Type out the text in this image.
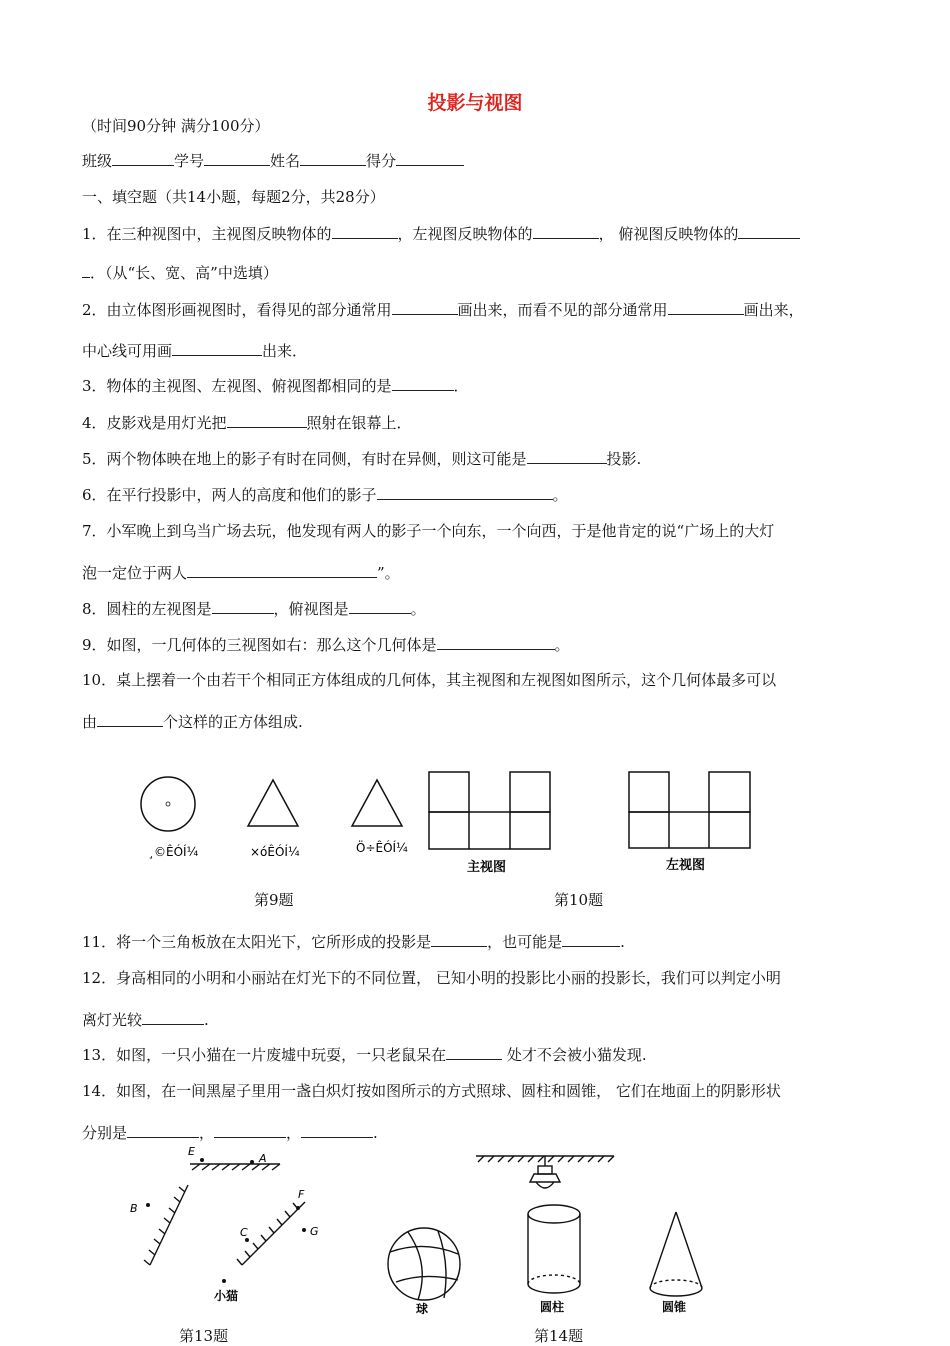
投影与视图
（时间90分钟 满分100分）
班级	学号	姓名	得分
一、填空题（共14小题，每题2分，共28分）
1．在三种视图中，主视图反映物体的	，左视图反映物体的	， 俯视图反映物体的
．（从“长、宽、高”中选填）
2．由立体图形画视图时，看得见的部分通常用	画出来，而看不见的部分通常用	画出来，
中心线可用画	出来．
3．物体的主视图、左视图、俯视图都相同的是	．
4．皮影戏是用灯光把	照射在银幕上．
5．两个物体映在地上的影子有时在同侧，有时在异侧，则这可能是	投影.
6．在平行投影中，两人的高度和他们的影子	。
7．小军晚上到乌当广场去玩，他发现有两人的影子一个向东，一个向西，于是他肯定的说“广场上的大灯
泡一定位于两人	”。
8．圆柱的左视图是	，俯视图是	。
9．如图，一几何体的三视图如右：那么这个几何体是	。
10．桌上摆着一个由若干个相同正方体组成的几何体，其主视图和左视图如图所示，这个几何体最多可以
由	个这样的正方体组成.
¸©ÊÓÍ¼	×óÊÓÍ¼	Ö÷ÊÓÍ¼
第9题
主视图	左视图
第10题
11．将一个三角板放在太阳光下，它所形成的投影是	，也可能是	.
12．身高相同的小明和小丽站在灯光下的不同位置， 已知小明的投影比小丽的投影长，我们可以判定小明
离灯光较	.
13．如图，一只小猫在一片废墟中玩耍，一只老鼠呆在	处才不会被小猫发现.
14．如图，在一间黑屋子里用一盏白炽灯按如图所示的方式照球、圆柱和圆锥， 它们在地面上的阴影形状
分别是	，	，	.
E
A
B
F
C	G
小猫
第13题
球	圆柱	圆锥
第14题
